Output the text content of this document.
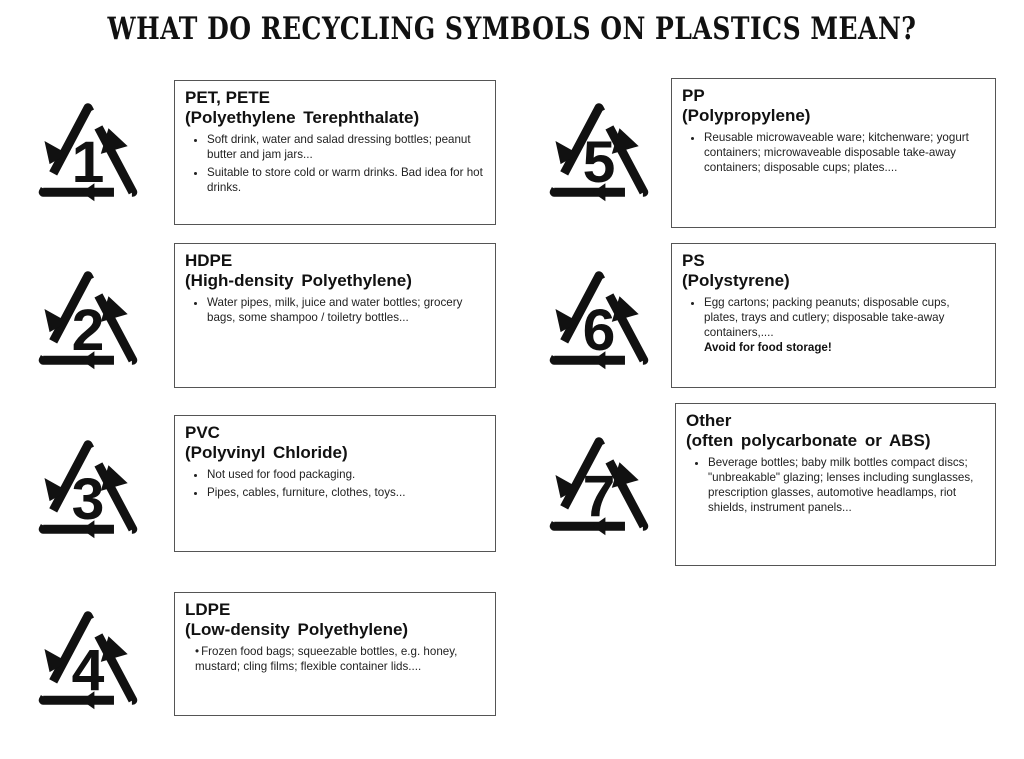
WHAT DO RECYCLING SYMBOLS ON PLASTICS MEAN?
1
PET, PETE
(Polyethylene Terephthalate)
• Soft drink, water and salad dressing bottles; peanut butter and jam jars...
• Suitable to store cold or warm drinks. Bad idea for hot drinks.
2
HDPE
(High-density Polyethylene)
• Water pipes, milk, juice and water bottles; grocery bags, some shampoo / toiletry bottles...
3
PVC
(Polyvinyl Chloride)
• Not used for food packaging.
• Pipes, cables, furniture, clothes, toys...
4
LDPE
(Low-density Polyethylene)
• Frozen food bags; squeezable bottles, e.g. honey, mustard; cling films; flexible container lids....
5
PP
(Polypropylene)
• Reusable microwaveable ware; kitchenware; yogurt containers; microwaveable disposable take-away containers; disposable cups; plates....
6
PS
(Polystyrene)
• Egg cartons; packing peanuts; disposable cups, plates, trays and cutlery; disposable take-away containers,....
Avoid for food storage!
7
Other
(often polycarbonate or ABS)
• Beverage bottles; baby milk bottles compact discs; "unbreakable" glazing; lenses including sunglasses, prescription glasses, automotive headlamps, riot shields, instrument panels...
